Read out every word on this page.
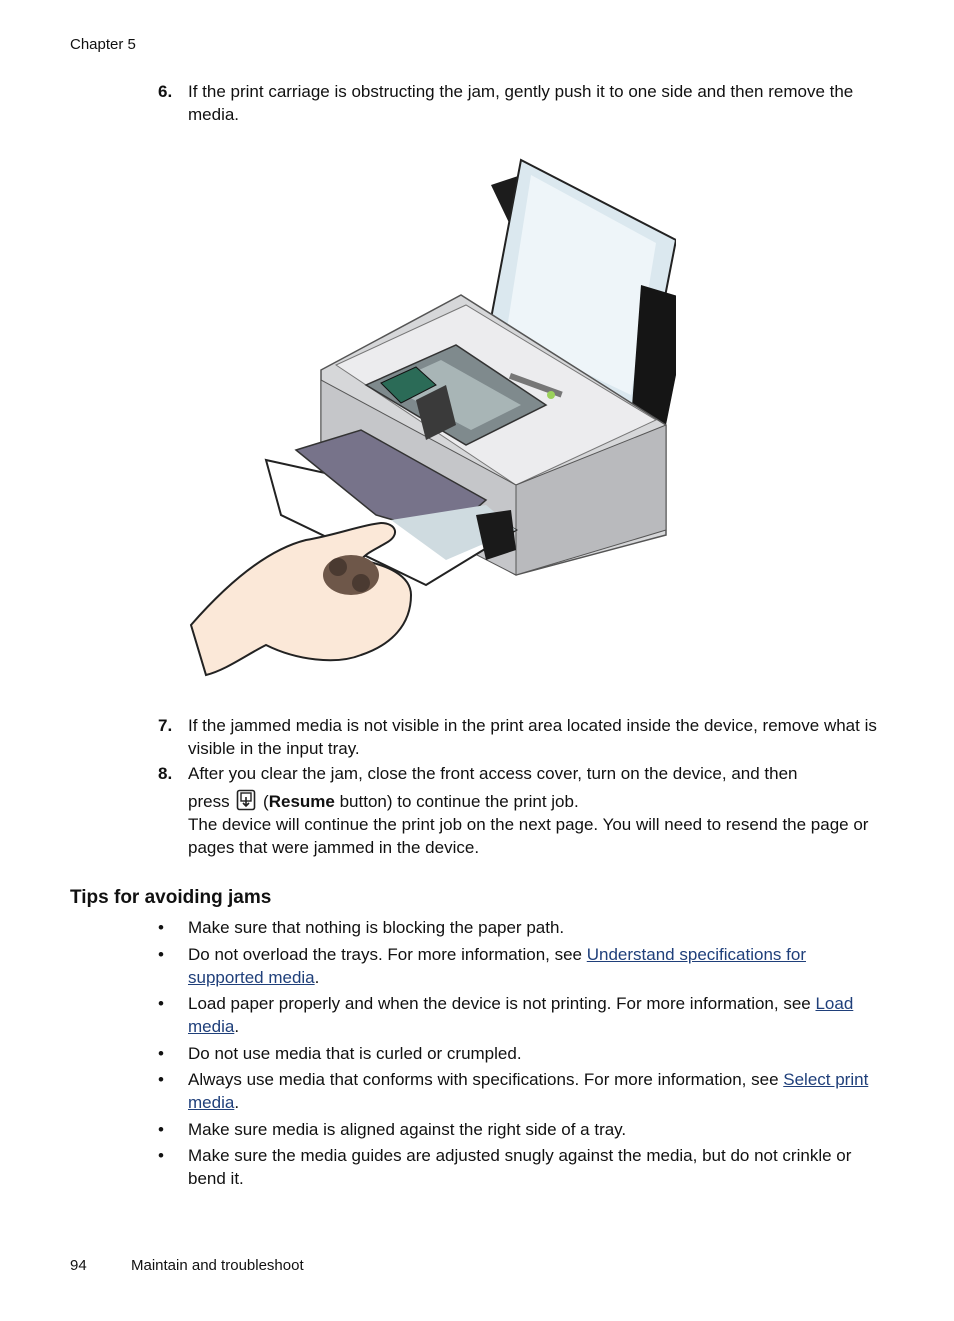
Chapter 5
6. If the print carriage is obstructing the jam, gently push it to one side and then remove the media.
7. If the jammed media is not visible in the print area located inside the device, remove what is visible in the input tray.
8. After you clear the jam, close the front access cover, turn on the device, and then
press (Resume button) to continue the print job.
The device will continue the print job on the next page. You will need to resend the page or pages that were jammed in the device.
Tips for avoiding jams
• Make sure that nothing is blocking the paper path.
• Do not overload the trays. For more information, see Understand specifications for supported media.
• Load paper properly and when the device is not printing. For more information, see Load media.
• Do not use media that is curled or crumpled.
• Always use media that conforms with specifications. For more information, see Select print media.
• Make sure media is aligned against the right side of a tray.
• Make sure the media guides are adjusted snugly against the media, but do not crinkle or bend it.
94	Maintain and troubleshoot
